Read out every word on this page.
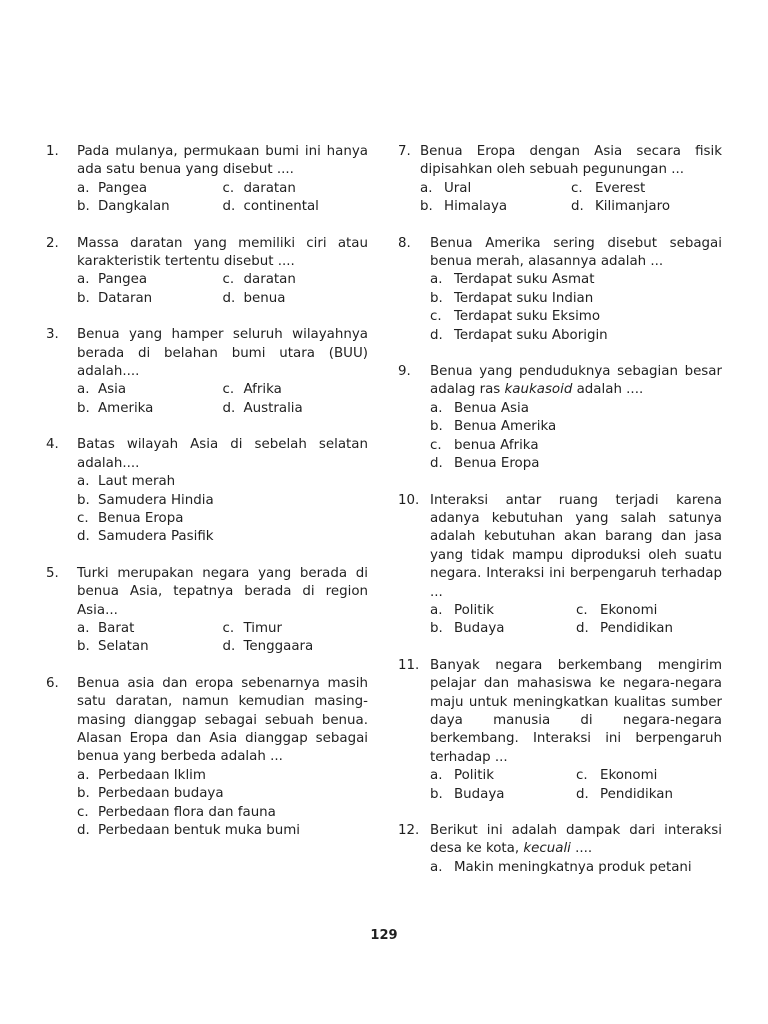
1. Pada mulanya, permukaan bumi ini hanya ada satu benua yang disebut ....
a. Pangea	c. daratan
b. Dangkalan	d. continental
2. Massa daratan yang memiliki ciri atau karakteristik tertentu disebut ....
a. Pangea	c. daratan
b. Dataran	d. benua
3. Benua yang hamper seluruh wilayahnya berada di belahan bumi utara (BUU) adalah....
a. Asia	c. Afrika
b. Amerika	d. Australia
4. Batas wilayah Asia di sebelah selatan adalah....
a. Laut merah
b. Samudera Hindia
c. Benua Eropa
d. Samudera Pasifik
5. Turki merupakan negara yang berada di benua Asia, tepatnya berada di region Asia...
a. Barat	c. Timur
b. Selatan	d. Tenggaara
6. Benua asia dan eropa sebenarnya masih satu daratan, namun kemudian masing-masing dianggap sebagai sebuah benua. Alasan Eropa dan Asia dianggap sebagai benua yang berbeda adalah ...
a. Perbedaan Iklim
b. Perbedaan budaya
c. Perbedaan flora dan fauna
d. Perbedaan bentuk muka bumi
7. Benua Eropa dengan Asia secara fisik dipisahkan oleh sebuah pegunungan ...
a. Ural	c. Everest
b. Himalaya	d. Kilimanjaro
8. Benua Amerika sering disebut sebagai benua merah, alasannya adalah ...
a. Terdapat suku Asmat
b. Terdapat suku Indian
c. Terdapat suku Eksimo
d. Terdapat suku Aborigin
9. Benua yang penduduknya sebagian besar adalag ras kaukasoid adalah ....
a. Benua Asia
b. Benua Amerika
c. benua Afrika
d. Benua Eropa
10. Interaksi antar ruang terjadi karena adanya kebutuhan yang salah satunya adalah kebutuhan akan barang dan jasa yang tidak mampu diproduksi oleh suatu negara. Interaksi ini berpengaruh terhadap ...
a. Politik	c. Ekonomi
b. Budaya	d. Pendidikan
11. Banyak negara berkembang mengirim pelajar dan mahasiswa ke negara-negara maju untuk meningkatkan kualitas sumber daya manusia di negara-negara berkembang. Interaksi ini berpengaruh terhadap ...
a. Politik	c. Ekonomi
b. Budaya	d. Pendidikan
12. Berikut ini adalah dampak dari interaksi desa ke kota, kecuali ....
a. Makin meningkatnya produk petani
129
